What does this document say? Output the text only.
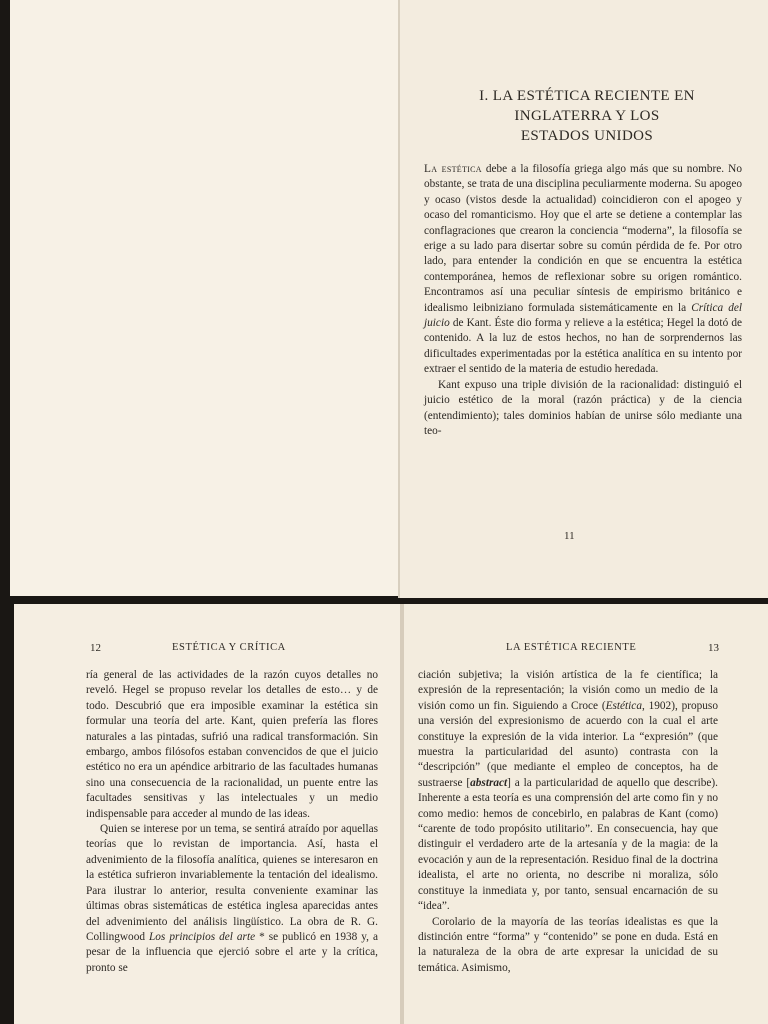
I. LA ESTÉTICA RECIENTE EN
INGLATERRA Y LOS
ESTADOS UNIDOS

La estética debe a la filosofía griega algo más que su nombre. No obstante, se trata de una disciplina peculiarmente moderna. Su apogeo y ocaso (vistos desde la actualidad) coincidieron con el apogeo y ocaso del romanticismo. Hoy que el arte se detiene a contemplar las conflagraciones que crearon la conciencia “moderna”, la filosofía se erige a su lado para disertar sobre su común pérdida de fe. Por otro lado, para entender la condición en que se encuentra la estética contemporánea, hemos de reflexionar sobre su origen romántico. Encontramos así una peculiar síntesis de empirismo británico e idealismo leibniziano formulada sistemáticamente en la Crítica del juicio de Kant. Éste dio forma y relieve a la estética; Hegel la dotó de contenido. A la luz de estos hechos, no han de sorprendernos las dificultades experimentadas por la estética analítica en su intento por extraer el sentido de la materia de estudio heredada.

Kant expuso una triple división de la racionalidad: distinguió el juicio estético de la moral (razón práctica) y de la ciencia (entendimiento); tales dominios habían de unirse sólo mediante una teo-

11
12	ESTÉTICA Y CRÍTICA

ría general de las actividades de la razón cuyos detalles no reveló. Hegel se propuso revelar los detalles de esto… y de todo. Descubrió que era imposible examinar la estética sin formular una teoría del arte. Kant, quien prefería las flores naturales a las pintadas, sufrió una radical transformación. Sin embargo, ambos filósofos estaban convencidos de que el juicio estético no era un apéndice arbitrario de las facultades humanas sino una consecuencia de la racionalidad, un puente entre las facultades sensitivas y las intelectuales y un medio indispensable para acceder al mundo de las ideas.

Quien se interese por un tema, se sentirá atraído por aquellas teorías que lo revistan de importancia. Así, hasta el advenimiento de la filosofía analítica, quienes se interesaron en la estética sufrieron invariablemente la tentación del idealismo. Para ilustrar lo anterior, resulta conveniente examinar las últimas obras sistemáticas de estética inglesa aparecidas antes del advenimiento del análisis lingüístico. La obra de R. G. Collingwood Los principios del arte * se publicó en 1938 y, a pesar de la influencia que ejerció sobre el arte y la crítica, pronto se

LA ESTÉTICA RECIENTE	13

ciación subjetiva; la visión artística de la fe científica; la expresión de la representación; la visión como un medio de la visión como un fin. Siguiendo a Croce (Estética, 1902), propuso una versión del expresionismo de acuerdo con la cual el arte constituye la expresión de la vida interior. La “expresión” (que muestra la particularidad del asunto) contrasta con la “descripción” (que mediante el empleo de conceptos, ha de sustraerse [abstract] a la particularidad de aquello que describe). Inherente a esta teoría es una comprensión del arte como fin y no como medio: hemos de concebirlo, en palabras de Kant (como) “carente de todo propósito utilitario”. En consecuencia, hay que distinguir el verdadero arte de la artesanía y de la magia: de la evocación y aun de la representación. Residuo final de la doctrina idealista, el arte no orienta, no describe ni moraliza, sólo constituye la inmediata y, por tanto, sensual encarnación de su “idea”.

Corolario de la mayoría de las teorías idealistas es que la distinción entre “forma” y “contenido” se pone en duda. Está en la naturaleza de la obra de arte expresar la unicidad de su temática. Asimismo,
